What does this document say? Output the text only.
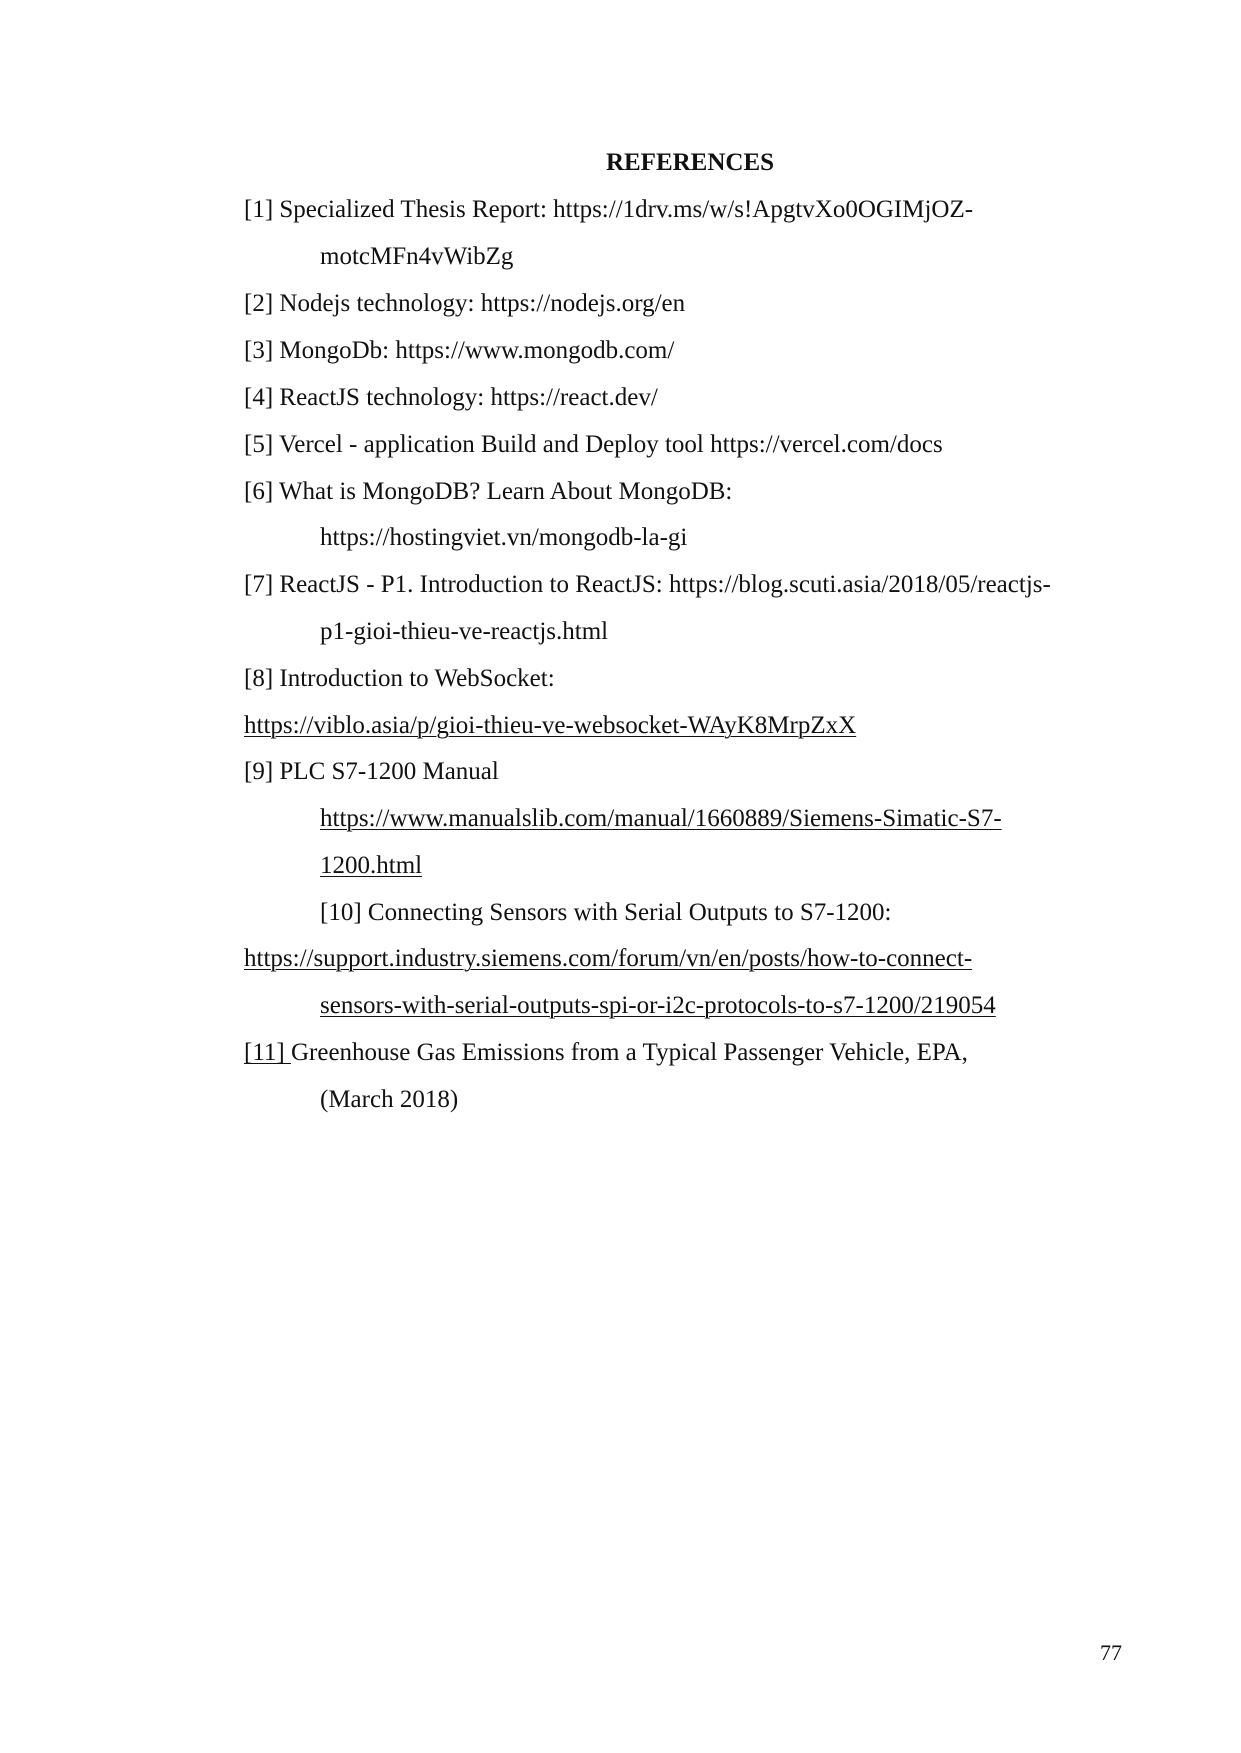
REFERENCES
[1] Specialized Thesis Report: https://1drv.ms/w/s!ApgtvXo0OGIMjOZ-
motcMFn4vWibZg
[2] Nodejs technology: https://nodejs.org/en
[3] MongoDb: https://www.mongodb.com/
[4] ReactJS technology: https://react.dev/
[5] Vercel - application Build and Deploy tool https://vercel.com/docs
[6] What is MongoDB? Learn About MongoDB:
https://hostingviet.vn/mongodb-la-gi
[7] ReactJS - P1. Introduction to ReactJS: https://blog.scuti.asia/2018/05/reactjs-
p1-gioi-thieu-ve-reactjs.html
[8] Introduction to WebSocket:
https://viblo.asia/p/gioi-thieu-ve-websocket-WAyK8MrpZxX
[9] PLC S7-1200 Manual
https://www.manualslib.com/manual/1660889/Siemens-Simatic-S7-
1200.html
[10] Connecting Sensors with Serial Outputs to S7-1200:
https://support.industry.siemens.com/forum/vn/en/posts/how-to-connect-
sensors-with-serial-outputs-spi-or-i2c-protocols-to-s7-1200/219054
[11] Greenhouse Gas Emissions from a Typical Passenger Vehicle, EPA,
(March 2018)
77
